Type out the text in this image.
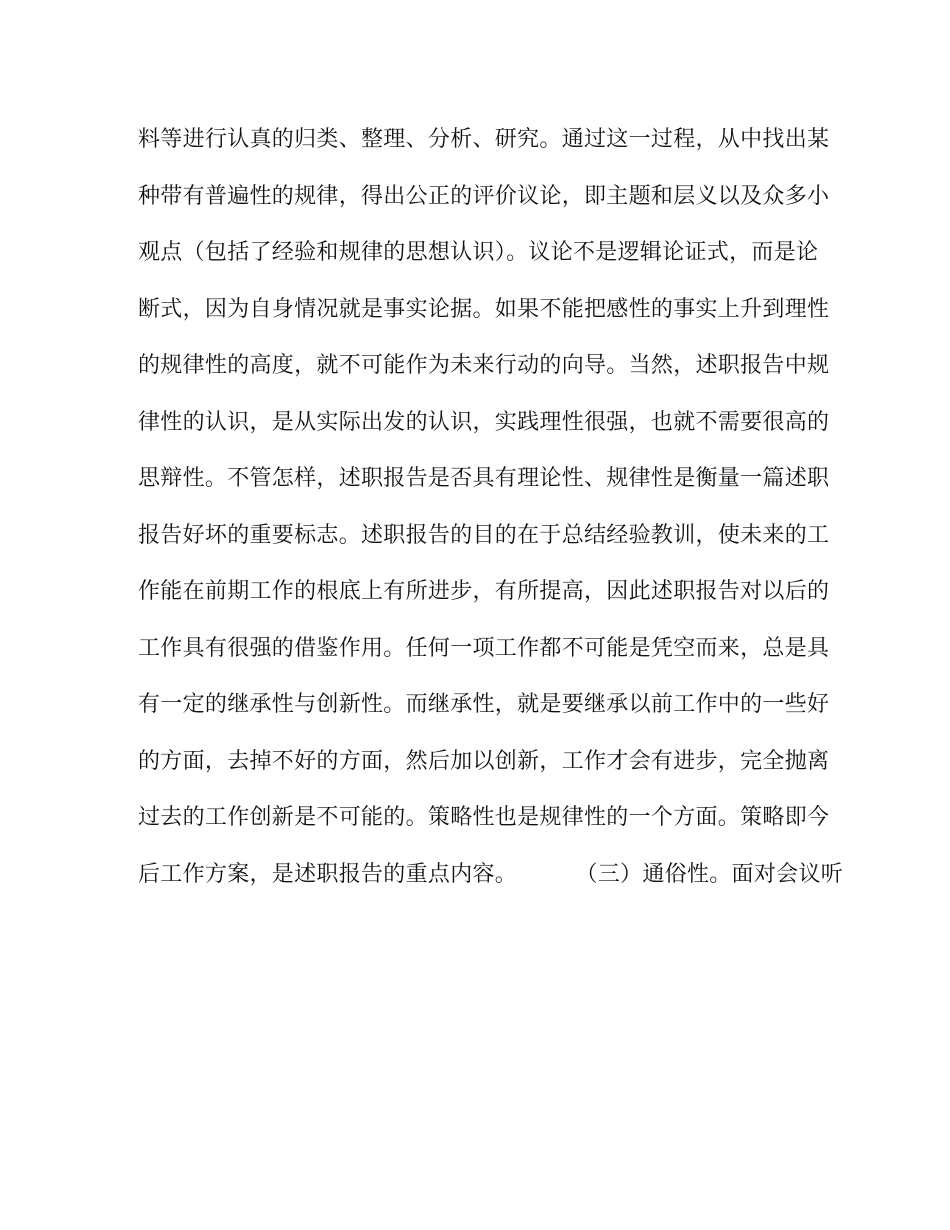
料等进行认真的归类、整理、分析、研究。通过这一过程，从中找出某
种带有普遍性的规律，得出公正的评价议论，即主题和层义以及众多小
观点（包括了经验和规律的思想认识）。议论不是逻辑论证式，而是论
断式，因为自身情况就是事实论据。如果不能把感性的事实上升到理性
的规律性的高度，就不可能作为未来行动的向导。当然，述职报告中规
律性的认识，是从实际出发的认识，实践理性很强，也就不需要很高的
思辩性。不管怎样，述职报告是否具有理论性、规律性是衡量一篇述职
报告好坏的重要标志。述职报告的目的在于总结经验教训，使未来的工
作能在前期工作的根底上有所进步，有所提高，因此述职报告对以后的
工作具有很强的借鉴作用。任何一项工作都不可能是凭空而来，总是具
有一定的继承性与创新性。而继承性，就是要继承以前工作中的一些好
的方面，去掉不好的方面，然后加以创新，工作才会有进步，完全抛离
过去的工作创新是不可能的。策略性也是规律性的一个方面。策略即今
后工作方案，是述职报告的重点内容。        （三）通俗性。面对会议听
